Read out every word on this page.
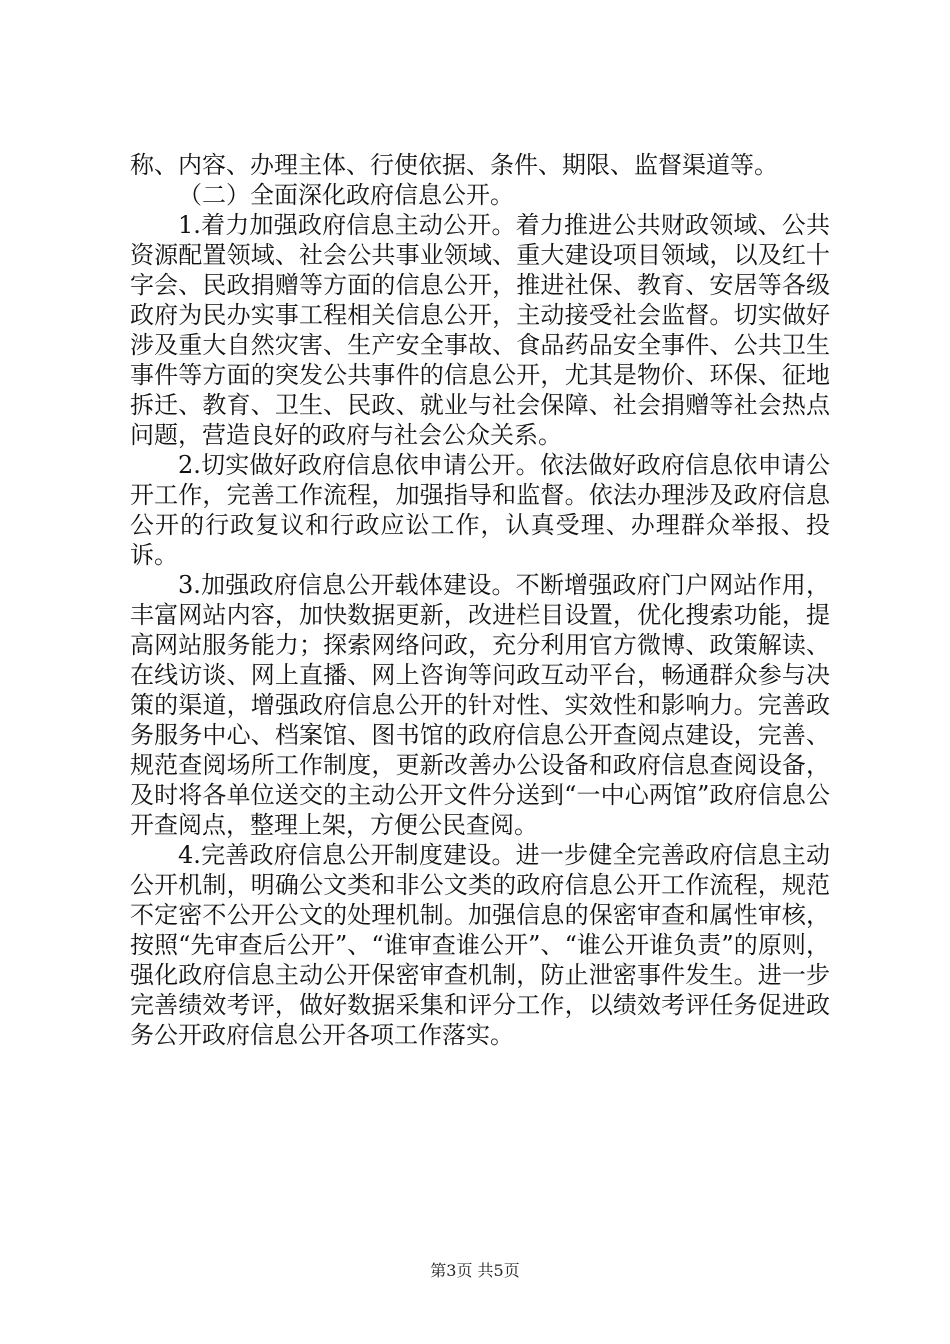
称、内容、办理主体、行使依据、条件、期限、监督渠道等。

（二）全面深化政府信息公开。

1.着力加强政府信息主动公开。着力推进公共财政领域、公共资源配置领域、社会公共事业领域、重大建设项目领域，以及红十字会、民政捐赠等方面的信息公开，推进社保、教育、安居等各级政府为民办实事工程相关信息公开，主动接受社会监督。切实做好涉及重大自然灾害、生产安全事故、食品药品安全事件、公共卫生事件等方面的突发公共事件的信息公开，尤其是物价、环保、征地拆迁、教育、卫生、民政、就业与社会保障、社会捐赠等社会热点问题，营造良好的政府与社会公众关系。

2.切实做好政府信息依申请公开。依法做好政府信息依申请公开工作，完善工作流程，加强指导和监督。依法办理涉及政府信息公开的行政复议和行政应讼工作，认真受理、办理群众举报、投诉。

3.加强政府信息公开载体建设。不断增强政府门户网站作用，丰富网站内容，加快数据更新，改进栏目设置，优化搜索功能，提高网站服务能力；探索网络问政，充分利用官方微博、政策解读、在线访谈、网上直播、网上咨询等问政互动平台，畅通群众参与决策的渠道，增强政府信息公开的针对性、实效性和影响力。完善政务服务中心、档案馆、图书馆的政府信息公开查阅点建设，完善、规范查阅场所工作制度，更新改善办公设备和政府信息查阅设备，及时将各单位送交的主动公开文件分送到“一中心两馆”政府信息公开查阅点，整理上架，方便公民查阅。

4.完善政府信息公开制度建设。进一步健全完善政府信息主动公开机制，明确公文类和非公文类的政府信息公开工作流程，规范不定密不公开公文的处理机制。加强信息的保密审查和属性审核，按照“先审查后公开”、“谁审查谁公开”、“谁公开谁负责”的原则，强化政府信息主动公开保密审查机制，防止泄密事件发生。进一步完善绩效考评，做好数据采集和评分工作，以绩效考评任务促进政务公开政府信息公开各项工作落实。

第3页 共5页
